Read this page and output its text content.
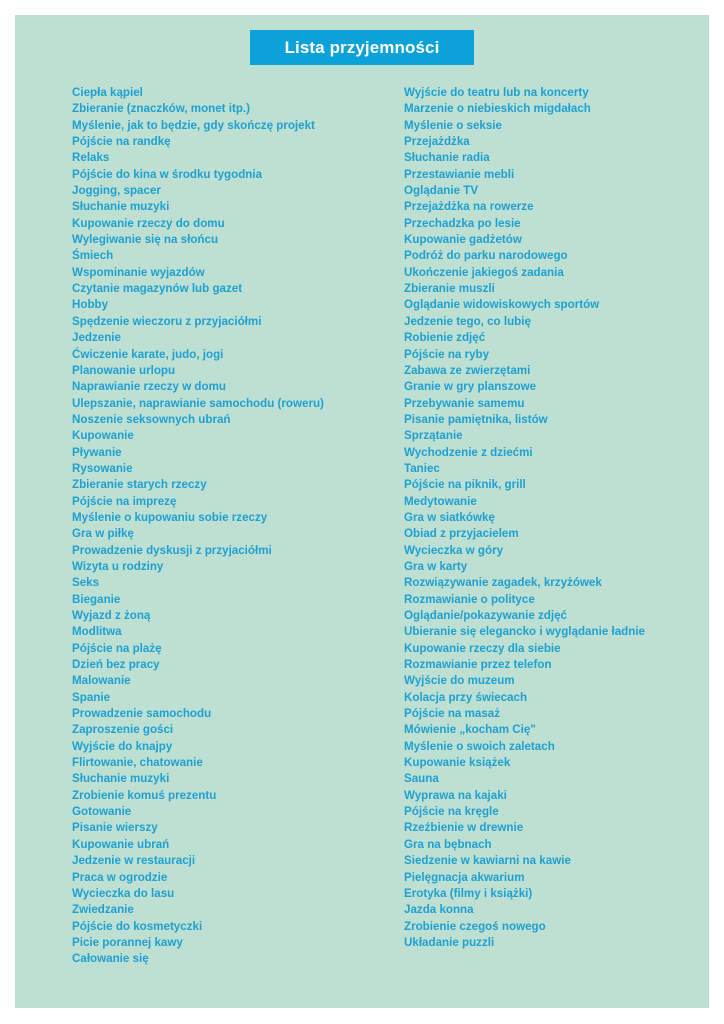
Lista przyjemności
Ciepła kąpiel
Zbieranie (znaczków, monet itp.)
Myślenie, jak to będzie, gdy skończę projekt
Pójście na randkę
Relaks
Pójście do kina w środku tygodnia
Jogging, spacer
Słuchanie muzyki
Kupowanie rzeczy do domu
Wylegiwanie się na słońcu
Śmiech
Wspominanie wyjazdów
Czytanie magazynów lub gazet
Hobby
Spędzenie wieczoru z przyjaciółmi
Jedzenie
Ćwiczenie karate, judo, jogi
Planowanie urlopu
Naprawianie rzeczy w domu
Ulepszanie, naprawianie samochodu (roweru)
Noszenie seksownych ubrań
Kupowanie
Pływanie
Rysowanie
Zbieranie starych rzeczy
Pójście na imprezę
Myślenie o kupowaniu sobie rzeczy
Gra w piłkę
Prowadzenie dyskusji z przyjaciółmi
Wizyta u rodziny
Seks
Bieganie
Wyjazd z żoną
Modlitwa
Pójście na plażę
Dzień bez pracy
Malowanie
Spanie
Prowadzenie samochodu
Zaproszenie gości
Wyjście do knajpy
Flirtowanie, chatowanie
Słuchanie muzyki
Zrobienie komuś prezentu
Gotowanie
Pisanie wierszy
Kupowanie ubrań
Jedzenie w restauracji
Praca w ogrodzie
Wycieczka do lasu
Zwiedzanie
Pójście do kosmetyczki
Picie porannej kawy
Całowanie się
Wyjście do teatru lub na koncerty
Marzenie o niebieskich migdałach
Myślenie o seksie
Przejażdżka
Słuchanie radia
Przestawianie mebli
Oglądanie TV
Przejażdżka na rowerze
Przechadzka po lesie
Kupowanie gadżetów
Podróż do parku narodowego
Ukończenie jakiegoś zadania
Zbieranie muszli
Oglądanie widowiskowych sportów
Jedzenie tego, co lubię
Robienie zdjęć
Pójście na ryby
Zabawa ze zwierzętami
Granie w gry planszowe
Przebywanie samemu
Pisanie pamiętnika, listów
Sprzątanie
Wychodzenie z dziećmi
Taniec
Pójście na piknik, grill
Medytowanie
Gra w siatkówkę
Obiad z przyjacielem
Wycieczka w góry
Gra w karty
Rozwiązywanie zagadek, krzyżówek
Rozmawianie o polityce
Oglądanie/pokazywanie zdjęć
Ubieranie się elegancko i wyglądanie ładnie
Kupowanie rzeczy dla siebie
Rozmawianie przez telefon
Wyjście do muzeum
Kolacja przy świecach
Pójście na masaż
Mówienie „kocham Cię"
Myślenie o swoich zaletach
Kupowanie książek
Sauna
Wyprawa na kajaki
Pójście na kręgle
Rzeźbienie w drewnie
Gra na bębnach
Siedzenie w kawiarni na kawie
Pielęgnacja akwarium
Erotyka (filmy i książki)
Jazda konna
Zrobienie czegoś nowego
Układanie puzzli
